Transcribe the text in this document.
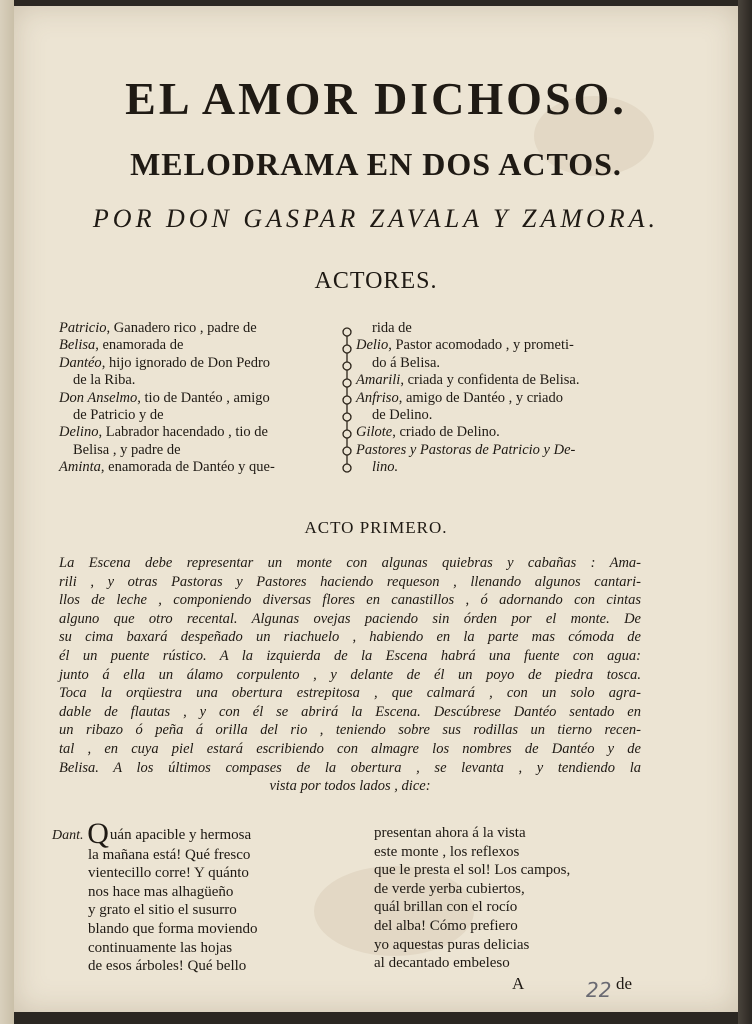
EL AMOR DICHOSO.
MELODRAMA EN DOS ACTOS.
POR DON GASPAR ZAVALA Y ZAMORA.
ACTORES.
Patricio, Ganadero rico , padre de
Belisa, enamorada de
Dantéo, hijo ignorado de Don Pedro
de la Riba.
Don Anselmo, tio de Dantéo , amigo
de Patricio y de
Delino, Labrador hacendado , tio de
Belisa , y padre de
Aminta, enamorada de Dantéo y que-
rida de
Delio, Pastor acomodado , y prometi-
do á Belisa.
Amarili, criada y confidenta de Belisa.
Anfriso, amigo de Dantéo , y criado
de Delino.
Gilote, criado de Delino.
Pastores y Pastoras de Patricio y De-
lino.
ACTO PRIMERO.
La Escena debe representar un monte con algunas quiebras y cabañas : Ama-
rili , y otras Pastoras y Pastores haciendo requeson , llenando algunos cantari-
llos de leche , componiendo diversas flores en canastillos , ó adornando con cintas
alguno que otro recental. Algunas ovejas paciendo sin órden por el monte. De
su cima baxará despeñado un riachuelo , habiendo en la parte mas cómoda de
él un puente rústico. A la izquierda de la Escena habrá una fuente con agua:
junto á ella un álamo corpulento , y delante de él un poyo de piedra tosca.
Toca la orqüestra una obertura estrepitosa , que calmará , con un solo agra-
dable de flautas , y con él se abrirá la Escena. Descúbrese Dantéo sentado en
un ribazo ó peña á orilla del rio , teniendo sobre sus rodillas un tierno recen-
tal , en cuya piel estará escribiendo con almagre los nombres de Dantéo y de
Belisa. A los últimos compases de la obertura , se levanta , y tendiendo la
vista por todos lados , dice:
Dant. Quán apacible y hermosa
la mañana está! Qué fresco
vientecillo corre! Y quánto
nos hace mas alhagüeño
y grato el sitio el susurro
blando que forma moviendo
continuamente las hojas
de esos árboles! Qué bello
presentan ahora á la vista
este monte , los reflexos
que le presta el sol! Los campos,
de verde yerba cubiertos,
quál brillan con el rocío
del alba! Cómo prefiero
yo aquestas puras delicias
al decantado embeleso
A	22 de
